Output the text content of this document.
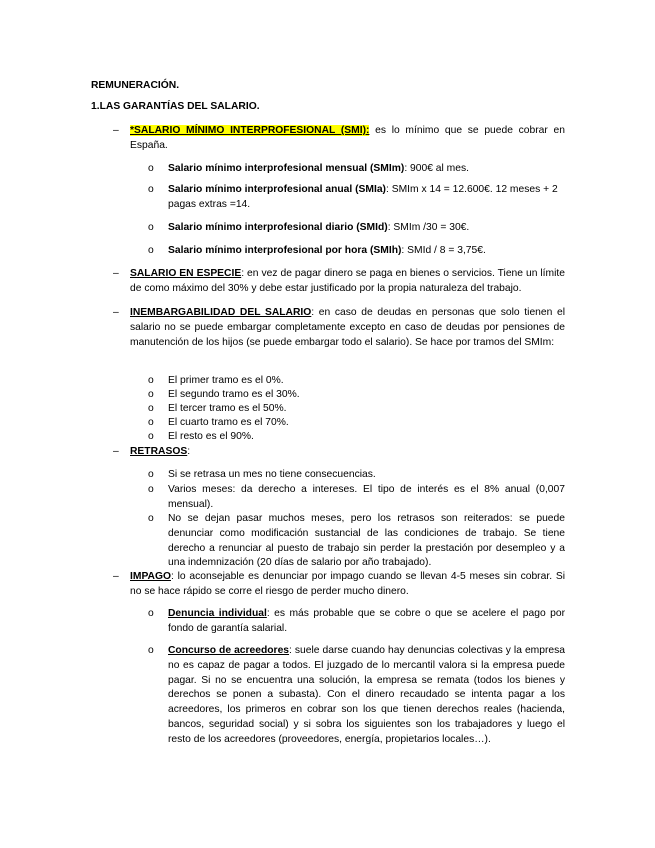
REMUNERACIÓN.

1.LAS GARANTÍAS DEL SALARIO.

– *SALARIO MÍNIMO INTERPROFESIONAL (SMI): es lo mínimo que se puede cobrar en España.

o Salario mínimo interprofesional mensual (SMIm): 900€ al mes.

o Salario mínimo interprofesional anual (SMIa): SMIm x 14 = 12.600€. 12 meses + 2 pagas extras =14.

o Salario mínimo interprofesional diario (SMId): SMIm /30 = 30€.

o Salario mínimo interprofesional por hora (SMIh): SMId / 8 = 3,75€.

– SALARIO EN ESPECIE: en vez de pagar dinero se paga en bienes o servicios. Tiene un límite de como máximo del 30% y debe estar justificado por la propia naturaleza del trabajo.

– INEMBARGABILIDAD DEL SALARIO: en caso de deudas en personas que solo tienen el salario no se puede embargar completamente excepto en caso de deudas por pensiones de manutención de los hijos (se puede embargar todo el salario). Se hace por tramos del SMIm:

o El primer tramo es el 0%.

o El segundo tramo es el 30%.

o El tercer tramo es el 50%.

o El cuarto tramo es el 70%.

o El resto es el 90%.

– RETRASOS:

o Si se retrasa un mes no tiene consecuencias.

o Varios meses: da derecho a intereses. El tipo de interés es el 8% anual (0,007 mensual).

o No se dejan pasar muchos meses, pero los retrasos son reiterados: se puede denunciar como modificación sustancial de las condiciones de trabajo. Se tiene derecho a renunciar al puesto de trabajo sin perder la prestación por desempleo y a una indemnización (20 días de salario por año trabajado).

– IMPAGO: lo aconsejable es denunciar por impago cuando se llevan 4-5 meses sin cobrar. Si no se hace rápido se corre el riesgo de perder mucho dinero.

o Denuncia individual: es más probable que se cobre o que se acelere el pago por fondo de garantía salarial.

o Concurso de acreedores: suele darse cuando hay denuncias colectivas y la empresa no es capaz de pagar a todos. El juzgado de lo mercantil valora si la empresa puede pagar. Si no se encuentra una solución, la empresa se remata (todos los bienes y derechos se ponen a subasta). Con el dinero recaudado se intenta pagar a los acreedores, los primeros en cobrar son los que tienen derechos reales (hacienda, bancos, seguridad social) y si sobra los siguientes son los trabajadores y luego el resto de los acreedores (proveedores, energía, propietarios locales…).
